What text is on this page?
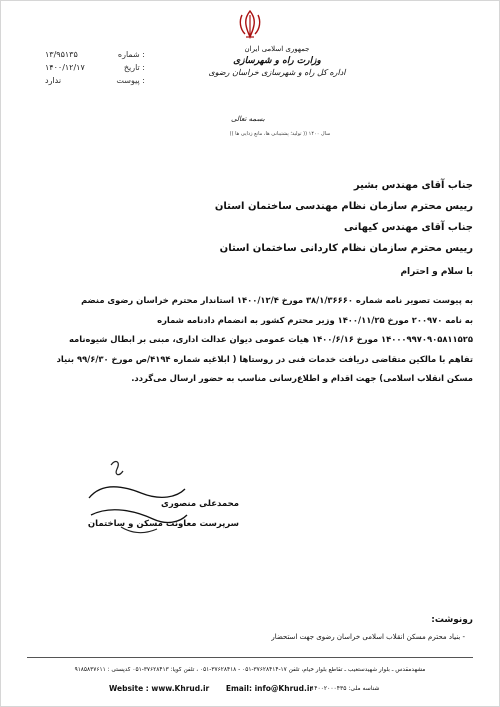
جمهوری اسلامی ایران
وزارت راه و شهرسازی
اداره کل راه و شهرسازی خراسان رضوی
۱۳/۹۵۱۳۵	شماره :
۱۴۰۰/۱۲/۱۷	تاریخ :
ندارد	پیوست :
بسمه تعالی
سال ۱۴۰۰ (( تولید؛ پشتیبانی ها، مانع زدایی ها ))
جناب آقای مهندس بشیر
رییس محترم سازمان نظام مهندسی ساختمان استان
جناب آقای مهندس کیهانی
رییس محترم سازمان نظام کاردانی ساختمان استان
با سلام و احترام
به پیوست تصویر نامه شماره ۳۸/۱/۳۶۶۶۰ مورخ ۱۴۰۰/۱۲/۴ استاندار محترم خراسان رضوی منضم
به نامه ۲۰۰۹۷۰ مورخ ۱۴۰۰/۱۱/۲۵ وزیر محترم کشور به انضمام دادنامه شماره
۱۴۰۰۰۹۹۷۰۹۰۵۸۱۱۵۲۵ مورخ ۱۴۰۰/۶/۱۶ هیات عمومی دیوان عدالت اداری، مبنی بر ابطال شیوه‌نامه
تفاهم با مالکین متقاضی دریافت خدمات فنی در روستاها ( ابلاغیه شماره ۴۱۹۴/ص مورخ ۹۹/۶/۳۰ بنیاد
مسکن انقلاب اسلامی) جهت اقدام و اطلاع‌رسانی مناسب به حضور ارسال می‌گردد.
محمدعلی منصوری
سرپرست معاونت مسکن و ساختمان
رونوشت:
- بنیاد محترم مسکن انقلاب اسلامی خراسان رضوی جهت استحضار
مشهدمقدس ـ بلوار شهیدستغیب ـ تقاطع بلوار خیام، تلفن ۱۷-۳۷۶۲۸۴۱۴-۰۵۱ - ۳۷۶۲۸۴۱۸-۰۵۱ ، تلفن گویا: ۳۷۶۲۸۴۱۳-۰۵۱ کدپستی : ۹۱۸۵۸۳۷۶۱۱
Website : www.Khrud.ir Email: info@Khrud.ir
شناسه ملی: ۱۴۰۰۲۰۰۰۴۳۵
